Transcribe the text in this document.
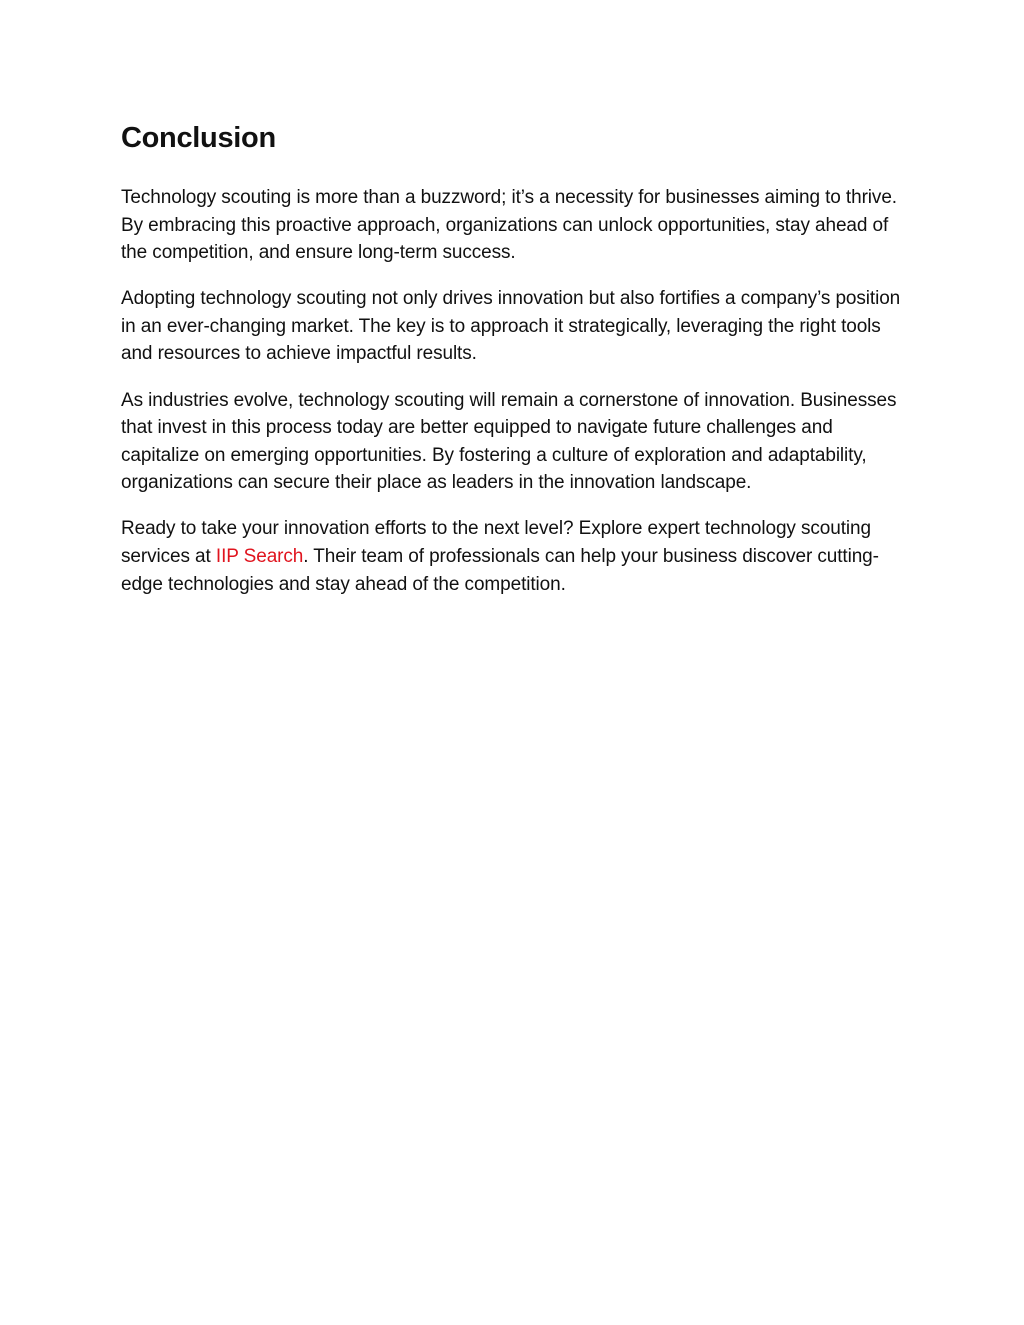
Conclusion

Technology scouting is more than a buzzword; it’s a necessity for businesses aiming to thrive. By embracing this proactive approach, organizations can unlock opportunities, stay ahead of the competition, and ensure long-term success.

Adopting technology scouting not only drives innovation but also fortifies a company’s position in an ever-changing market. The key is to approach it strategically, leveraging the right tools and resources to achieve impactful results.

As industries evolve, technology scouting will remain a cornerstone of innovation. Businesses that invest in this process today are better equipped to navigate future challenges and capitalize on emerging opportunities. By fostering a culture of exploration and adaptability, organizations can secure their place as leaders in the innovation landscape.

Ready to take your innovation efforts to the next level? Explore expert technology scouting services at IIP Search. Their team of professionals can help your business discover cutting-edge technologies and stay ahead of the competition.
